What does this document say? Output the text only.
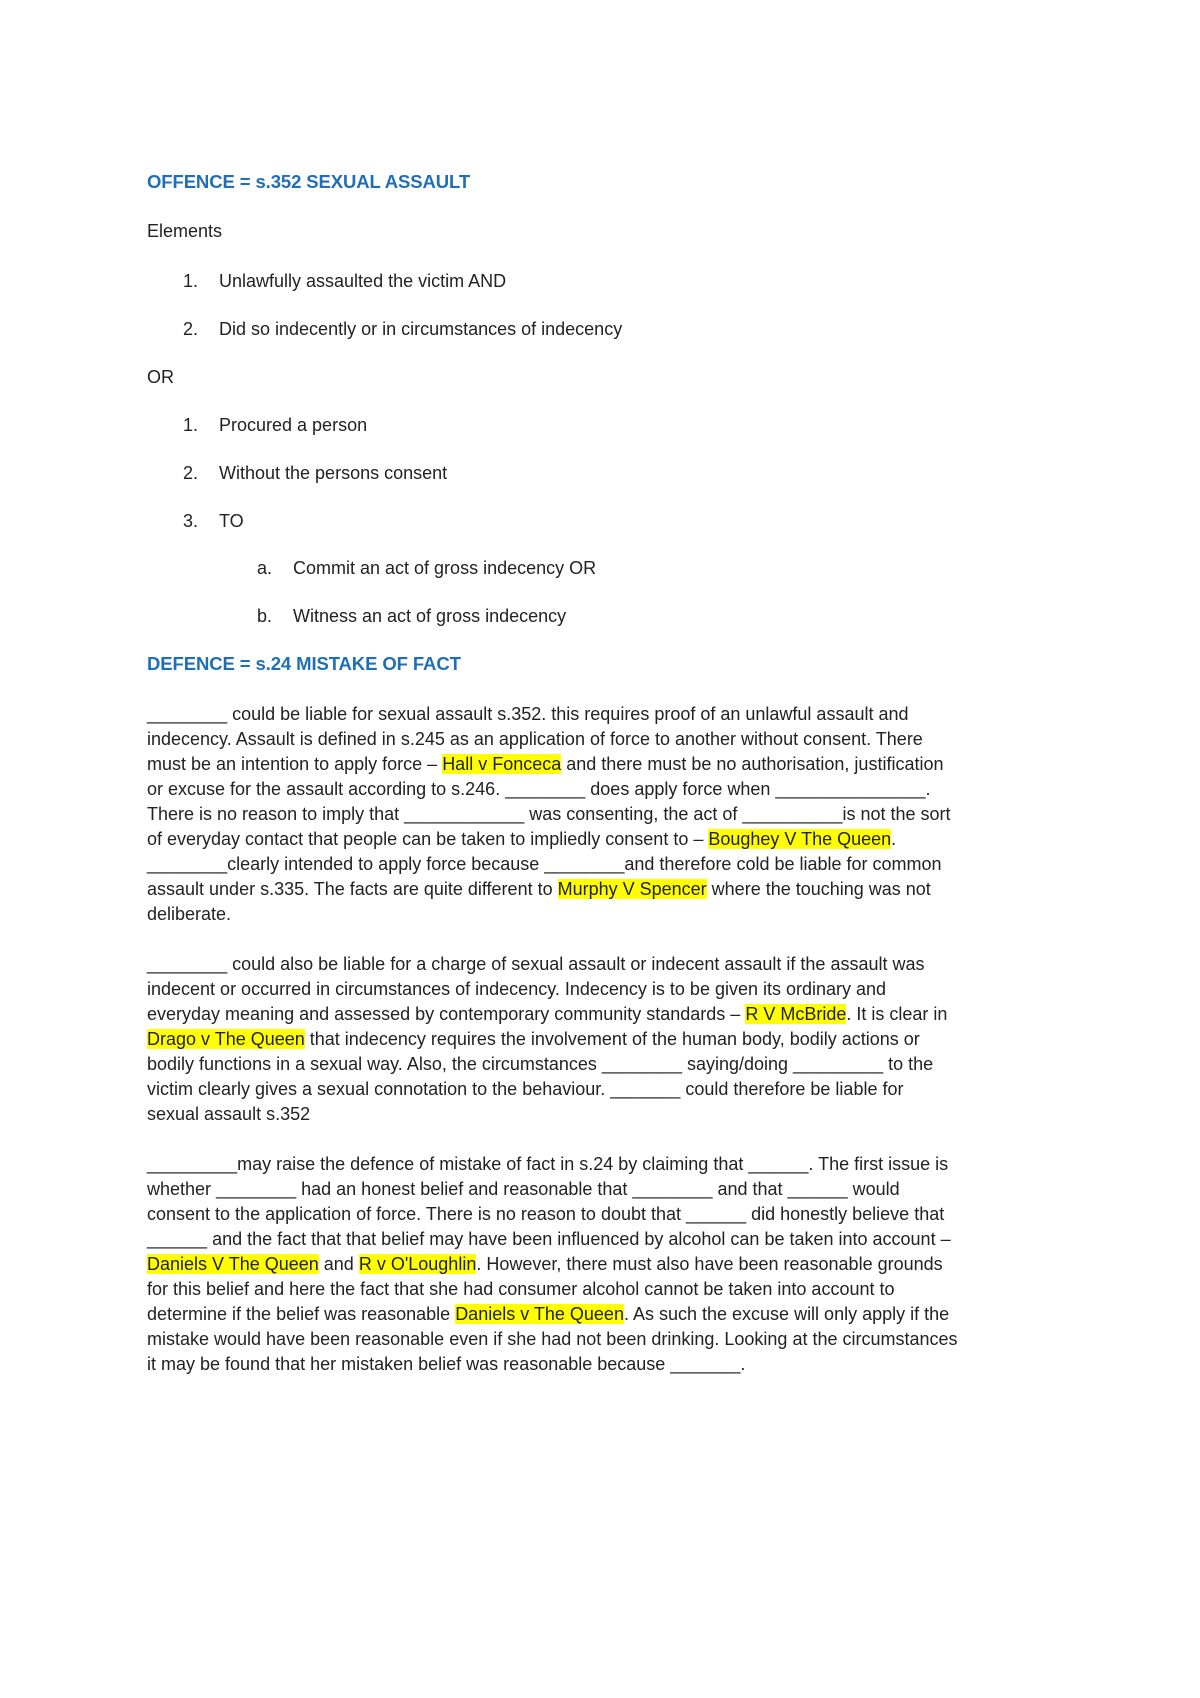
OFFENCE = s.352 SEXUAL ASSAULT
Elements
1.	Unlawfully assaulted the victim AND
2.	Did so indecently or in circumstances of indecency
OR
1.	Procured a person
2.	Without the persons consent
3.	TO
a.	Commit an act of gross indecency OR
b.	Witness an act of gross indecency
DEFENCE = s.24 MISTAKE OF FACT
________ could be liable for sexual assault s.352. this requires proof of an unlawful assault and
indecency. Assault is defined in s.245 as an application of force to another without consent. There
must be an intention to apply force – Hall v Fonceca and there must be no authorisation, justification
or excuse for the assault according to s.246. ________ does apply force when _______________.
There is no reason to imply that ____________ was consenting, the act of __________is not the sort
of everyday contact that people can be taken to impliedly consent to – Boughey V The Queen.
________clearly intended to apply force because ________and therefore cold be liable for common
assault under s.335. The facts are quite different to Murphy V Spencer where the touching was not
deliberate.
________ could also be liable for a charge of sexual assault or indecent assault if the assault was
indecent or occurred in circumstances of indecency. Indecency is to be given its ordinary and
everyday meaning and assessed by contemporary community standards – R V McBride. It is clear in
Drago v The Queen that indecency requires the involvement of the human body, bodily actions or
bodily functions in a sexual way. Also, the circumstances ________ saying/doing _________ to the
victim clearly gives a sexual connotation to the behaviour. _______ could therefore be liable for
sexual assault s.352
_________may raise the defence of mistake of fact in s.24 by claiming that ______. The first issue is
whether ________ had an honest belief and reasonable that ________ and that ______ would
consent to the application of force. There is no reason to doubt that ______ did honestly believe that
______ and the fact that that belief may have been influenced by alcohol can be taken into account –
Daniels V The Queen and R v O'Loughlin. However, there must also have been reasonable grounds
for this belief and here the fact that she had consumer alcohol cannot be taken into account to
determine if the belief was reasonable Daniels v The Queen. As such the excuse will only apply if the
mistake would have been reasonable even if she had not been drinking. Looking at the circumstances
it may be found that her mistaken belief was reasonable because _______.
